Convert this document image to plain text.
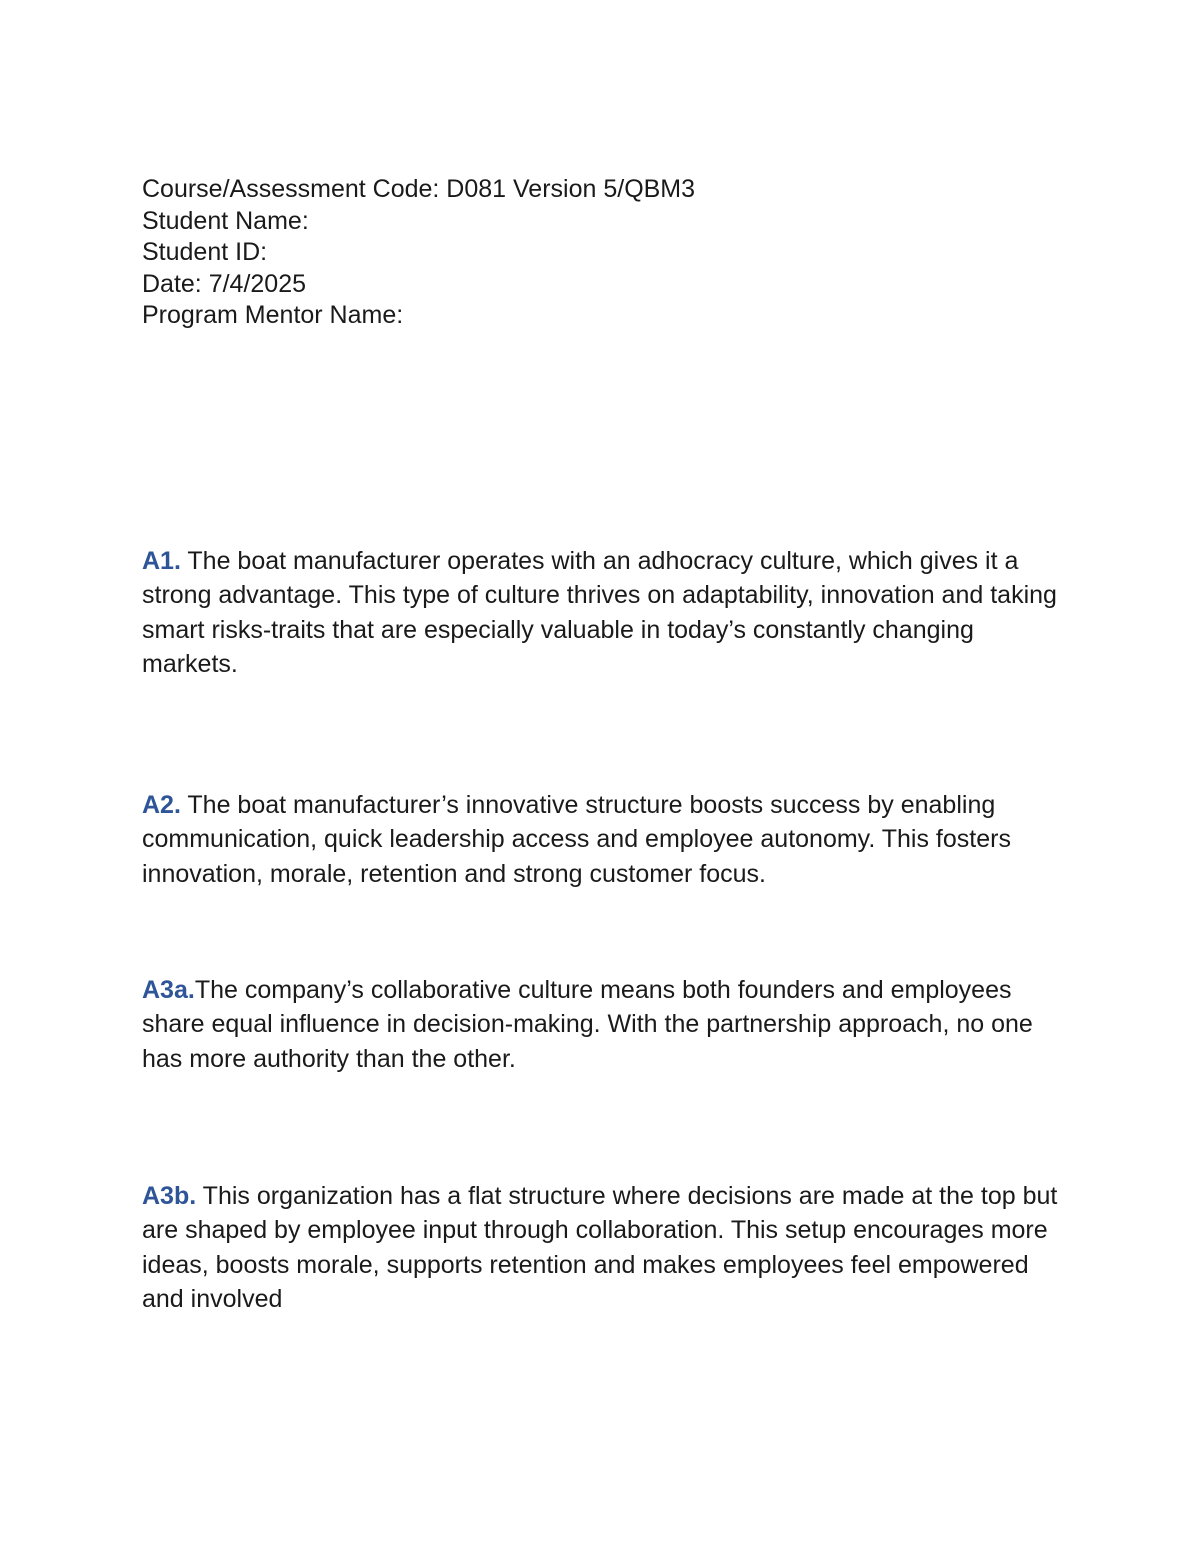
Course/Assessment Code: D081 Version 5/QBM3
Student Name:
Student ID:
Date: 7/4/2025
Program Mentor Name:

A1. The boat manufacturer operates with an adhocracy culture, which gives it a strong advantage. This type of culture thrives on adaptability, innovation and taking smart risks-traits that are especially valuable in today’s constantly changing markets.

A2. The boat manufacturer’s innovative structure boosts success by enabling communication, quick leadership access and employee autonomy. This fosters innovation, morale, retention and strong customer focus.

A3a.The company’s collaborative culture means both founders and employees share equal influence in decision-making. With the partnership approach, no one has more authority than the other.

A3b. This organization has a flat structure where decisions are made at the top but are shaped by employee input through collaboration. This setup encourages more ideas, boosts morale, supports retention and makes employees feel empowered and involved
